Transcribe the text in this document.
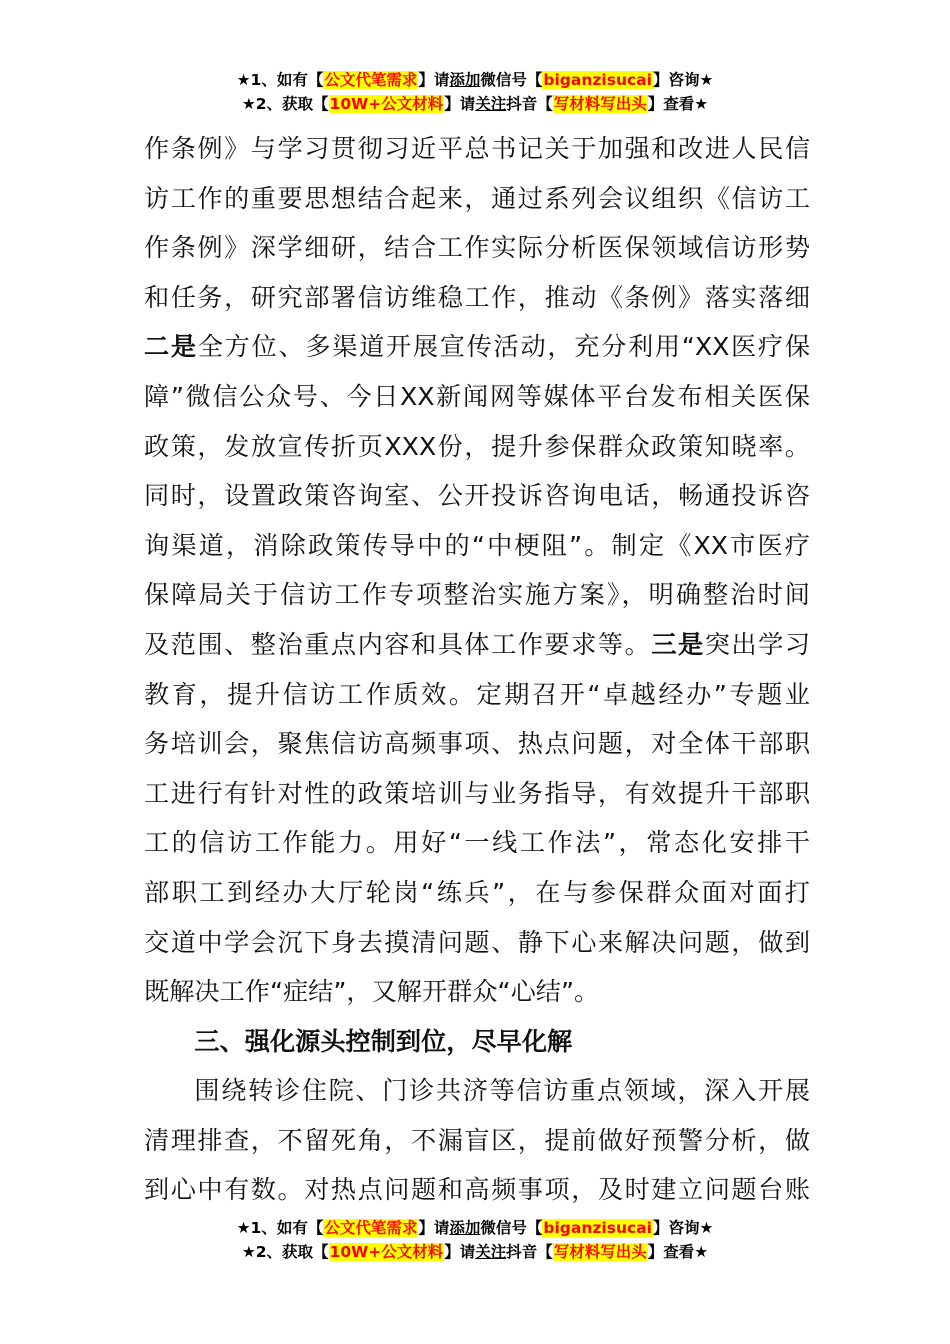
★1、如有【公文代笔需求】请添加微信号【biganzisucai】咨询★
★2、获取【10W+公文材料】请关注抖音【写材料写出头】查看★

作条例》与学习贯彻习近平总书记关于加强和改进人民信

访工作的重要思想结合起来，通过系列会议组织《信访工

作条例》深学细研，结合工作实际分析医保领域信访形势

和任务，研究部署信访维稳工作，推动《条例》落实落细

二是全方位、多渠道开展宣传活动，充分利用“XX医疗保

障”微信公众号、今日XX新闻网等媒体平台发布相关医保

政策，发放宣传折页XXX份，提升参保群众政策知晓率。

同时，设置政策咨询室、公开投诉咨询电话，畅通投诉咨

询渠道，消除政策传导中的“中梗阻”。制定《XX市医疗

保障局关于信访工作专项整治实施方案》，明确整治时间

及范围、整治重点内容和具体工作要求等。三是突出学习

教育，提升信访工作质效。定期召开“卓越经办”专题业

务培训会，聚焦信访高频事项、热点问题，对全体干部职

工进行有针对性的政策培训与业务指导，有效提升干部职

工的信访工作能力。用好“一线工作法”，常态化安排干

部职工到经办大厅轮岗“练兵”，在与参保群众面对面打

交道中学会沉下身去摸清问题、静下心来解决问题，做到

既解决工作“症结”，又解开群众“心结”。

三、强化源头控制到位，尽早化解

围绕转诊住院、门诊共济等信访重点领域，深入开展

清理排查，不留死角，不漏盲区，提前做好预警分析，做

到心中有数。对热点问题和高频事项，及时建立问题台账

★1、如有【公文代笔需求】请添加微信号【biganzisucai】咨询★
★2、获取【10W+公文材料】请关注抖音【写材料写出头】查看★
